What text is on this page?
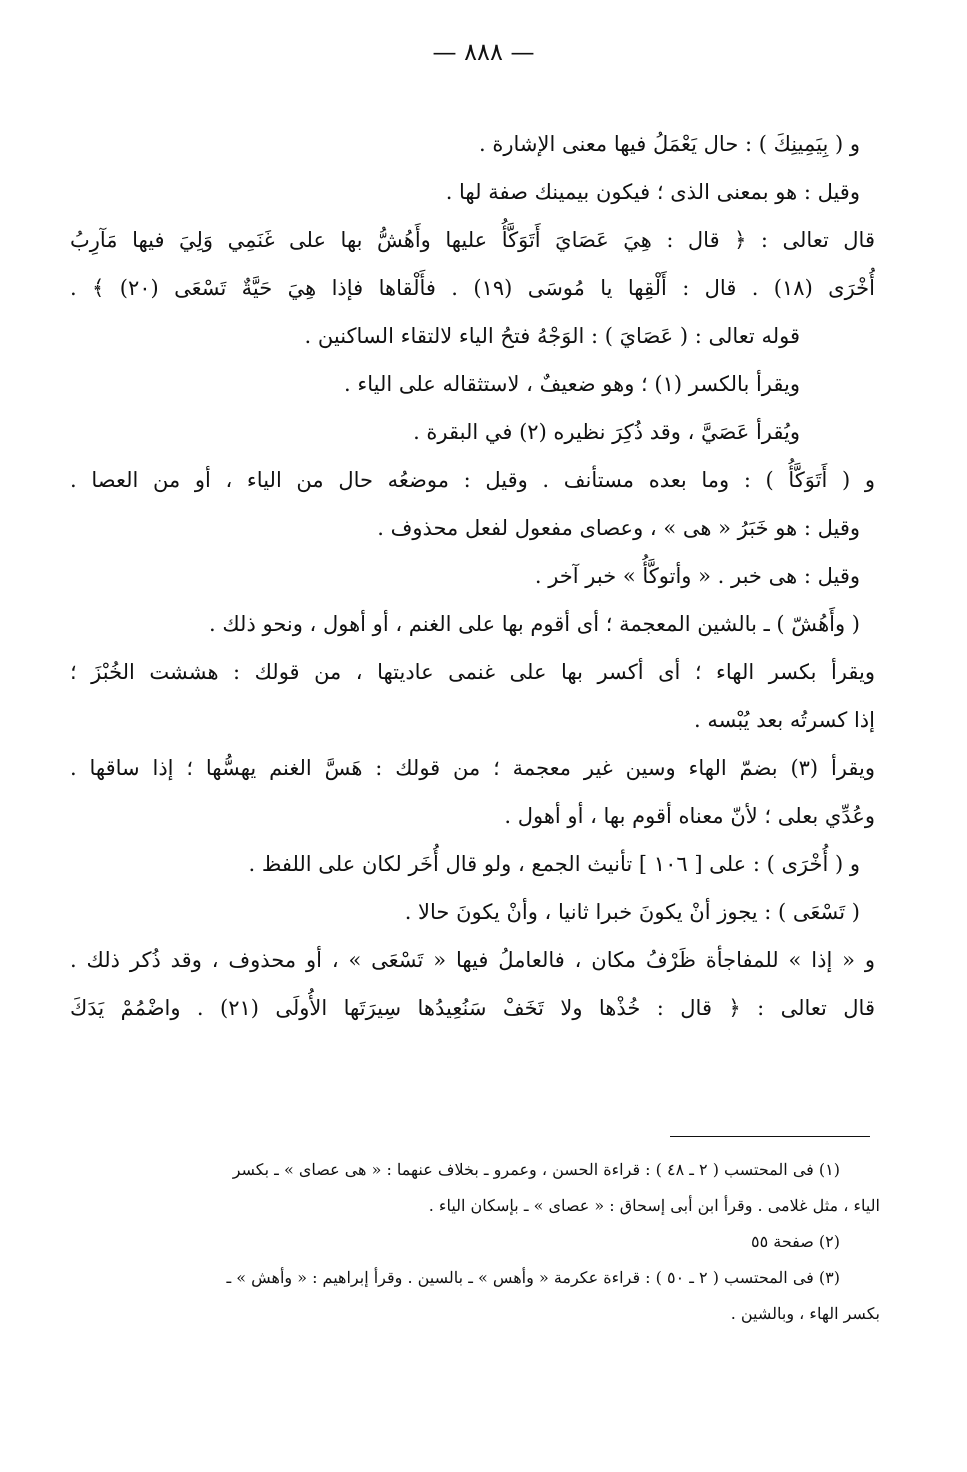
— ٨٨٨ —
و ( بِيَمِينِكَ ) : حال يَعْمَلُ فيها معنى الإشارة .
وقيل : هو بمعنى الذى ؛ فيكون بيمينك صفة لها .
قال تعالى : ﴿ قال : هِيَ عَصَايَ أَتَوَكَّأُ عليها وأَهُشُّ بها على غَنَمِي وَلِيَ فيها مَآرِبُ
أُخْرَى (١٨) . قال : أَلْقِها يا مُوسَى (١٩) . فأَلْقاها فإذا هِيَ حَيَّةٌ تَسْعَى (٢٠) ﴾ .
قوله تعالى : ( عَصَايَ ) : الوَجْهُ فتحُ الياء لالتقاء الساكنين .
ويقرأ بالكسر (١) ؛ وهو ضعيفٌ ، لاستثقاله على الياء .
ويُقرأ عَصَيَّ ، وقد ذُكِرَ نظيره (٢) في البقرة .
و ( أَتَوَكَّأُ ) : وما بعده مستأنف . وقيل : موضعُه حال من الياء ، أو من العصا .
وقيل : هو خَبَرُ « هى » ، وعصاى مفعول لفعل محذوف .
وقيل : هى خبر . « وأتوكَّأُ » خبر آخر .
( وأَهُشّ ) ـ بالشين المعجمة ؛ أى أقوم بها على الغنم ، أو أهول ، ونحو ذلك .
ويقرأ بكسر الهاء ؛ أى أكسر بها على غنمى عاديتها ، من قولك : هششت الخُبْزَ ؛
إذا كسرتُه بعد يُبْسه .
ويقرأ (٣) بضمّ الهاء وسين غير معجمة ؛ من قولك : هَسَّ الغنم يهسُّها ؛ إذا ساقها .
وعُدِّي بعلى ؛ لأنّ معناه أقوم بها ، أو أهول .
و ( أُخْرَى ) : على [ ١٠٦ ] تأنيث الجمع ، ولو قال أُخَر لكان على اللفظ .
( تَسْعَى ) : يجوز أنْ يكونَ خبرا ثانيا ، وأنْ يكونَ حالا .
و « إذا » للمفاجأة ظَرْفُ مكان ، فالعاملُ فيها « تَسْعَى » ، أو محذوف ، وقد ذُكر ذلك .
قال تعالى : ﴿ قال : خُذْها ولا تَخَفْ سَنُعِيدُها سِيرَتَها الأُولَى (٢١) . واضْمُمْ يَدَكَ
(١) فى المحتسب ( ٢ ـ ٤٨ ) : قراءة الحسن ، وعمرو ـ بخلاف عنهما : « هى عصاى » ـ بكسر
الياء ، مثل غلامى . وقرأ ابن أبى إسحاق : « عصاى » ـ بإسكان الياء .
(٢) صفحة ٥٥
(٣) فى المحتسب ( ٢ ـ ٥٠ ) : قراءة عكرمة « وأهس » ـ بالسين . وقرأ إبراهيم : « وأهش » ـ
بكسر الهاء ، وبالشين .
